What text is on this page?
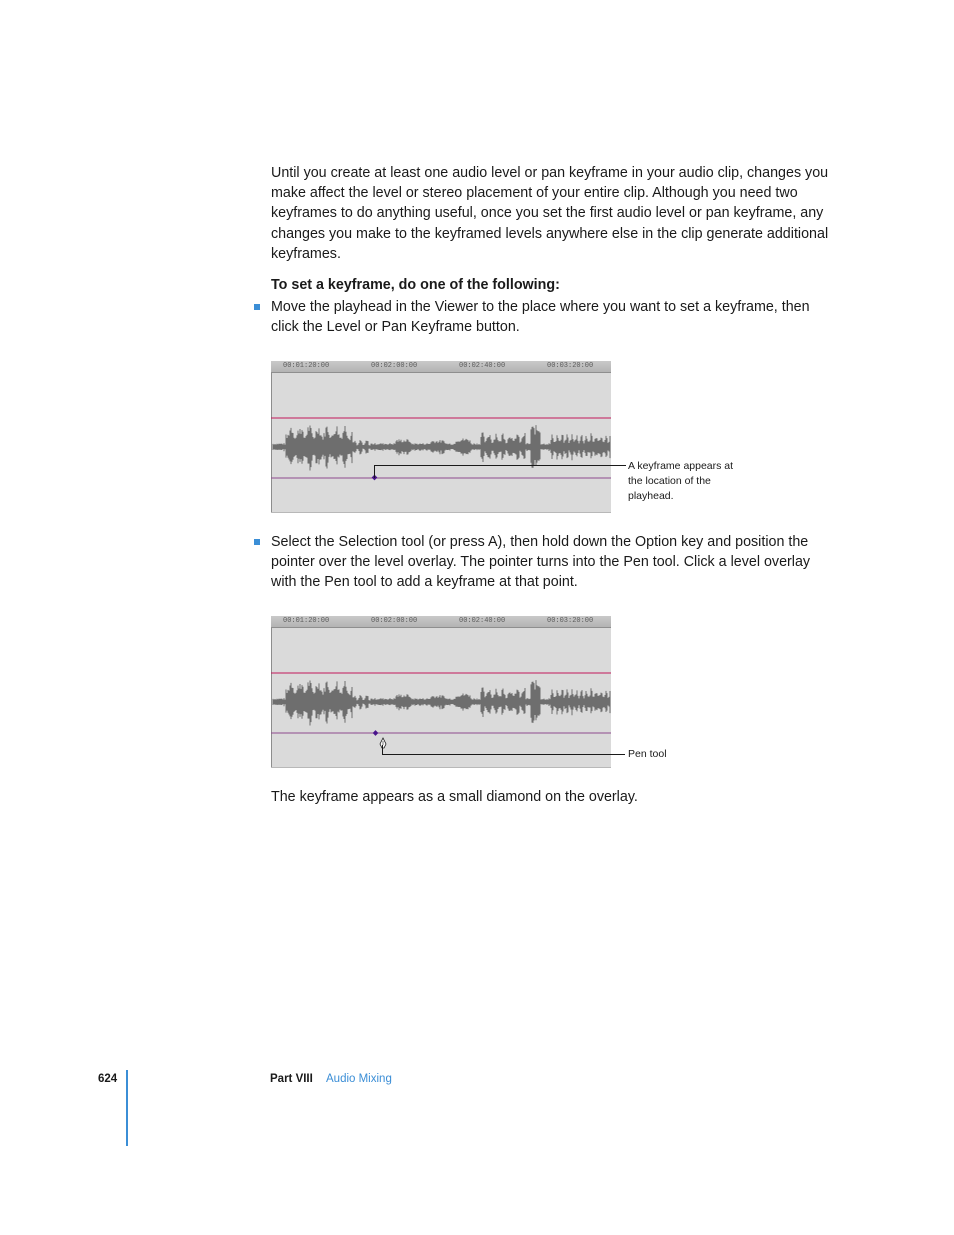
Until you create at least one audio level or pan keyframe in your audio clip, changes you make affect the level or stereo placement of your entire clip. Although you need two keyframes to do anything useful, once you set the first audio level or pan keyframe, any changes you make to the keyframed levels anywhere else in the clip generate additional keyframes.

To set a keyframe, do one of the following:

Move the playhead in the Viewer to the place where you want to set a keyframe, then click the Level or Pan Keyframe button.

00:01:20:00	00:02:00:00	00:02:40:00	00:03:20:00
A keyframe appears at the location of the playhead.

Select the Selection tool (or press A), then hold down the Option key and position the pointer over the level overlay. The pointer turns into the Pen tool. Click a level overlay with the Pen tool to add a keyframe at that point.

00:01:20:00	00:02:00:00	00:02:40:00	00:03:20:00
Pen tool

The keyframe appears as a small diamond on the overlay.

624	Part VIII Audio Mixing
